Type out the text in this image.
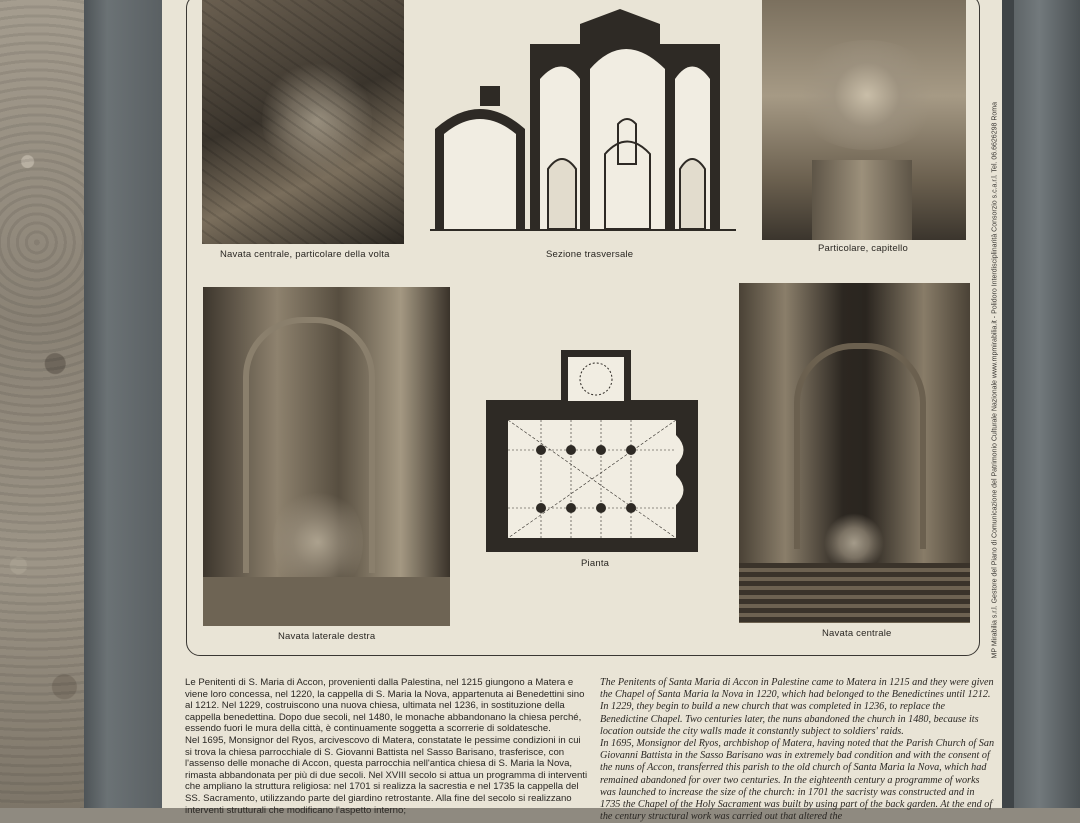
Navata centrale, particolare della volta	Sezione trasversale
Particolare, capitello
Navata laterale destra
Pianta
Navata centrale	MP Mirabilia s.r.l. Gestore del Piano di Comunicazione del Patrimonio Culturale Nazionale www.mpmirabilia.it - Polidoro Interdisciplinarità Consorzio s.c.a.r.l. Tel. 06.6626298 Roma

Le Penitenti di S. Maria di Accon, provenienti dalla Palestina, nel 1215 giungono a Matera e viene loro concessa, nel 1220, la cappella di S. Maria la Nova, appartenuta ai Benedettini sino al 1212. Nel 1229, costruiscono una nuova chiesa, ultimata nel 1236, in sostituzione della cappella benedettina. Dopo due secoli, nel 1480, le monache abbandonano la chiesa perché, essendo fuori le mura della città, è continuamente soggetta a scorrerie di soldatesche.

Nel 1695, Monsignor del Ryos, arcivescovo di Matera, constatate le pessime condizioni in cui si trova la chiesa parrocchiale di S. Giovanni Battista nel Sasso Barisano, trasferisce, con l'assenso delle monache di Accon, questa parrocchia nell'antica chiesa di S. Maria la Nova, rimasta abbandonata per più di due secoli. Nel XVIII secolo si attua un programma di interventi che ampliano la struttura religiosa: nel 1701 si realizza la sacrestia e nel 1735 la cappella del SS. Sacramento, utilizzando parte del giardino retrostante. Alla fine del secolo si realizzano interventi strutturali che modificano l'aspetto interno;

The Penitents of Santa Maria di Accon in Palestine came to Matera in 1215 and they were given the Chapel of Santa Maria la Nova in 1220, which had belonged to the Benedictines until 1212. In 1229, they begin to build a new church that was completed in 1236, to replace the Benedictine Chapel. Two centuries later, the nuns abandoned the church in 1480, because its location outside the city walls made it constantly subject to soldiers' raids.

In 1695, Monsignor del Ryos, archbishop of Matera, having noted that the Parish Church of San Giovanni Battista in the Sasso Barisano was in extremely bad condition and with the consent of the nuns of Accon, transferred this parish to the old church of Santa Maria la Nova, which had remained abandoned for over two centuries. In the eighteenth century a programme of works was launched to increase the size of the church: in 1701 the sacristy was constructed and in 1735 the Chapel of the Holy Sacrament was built by using part of the back garden. At the end of the century structural work was carried out that altered the
